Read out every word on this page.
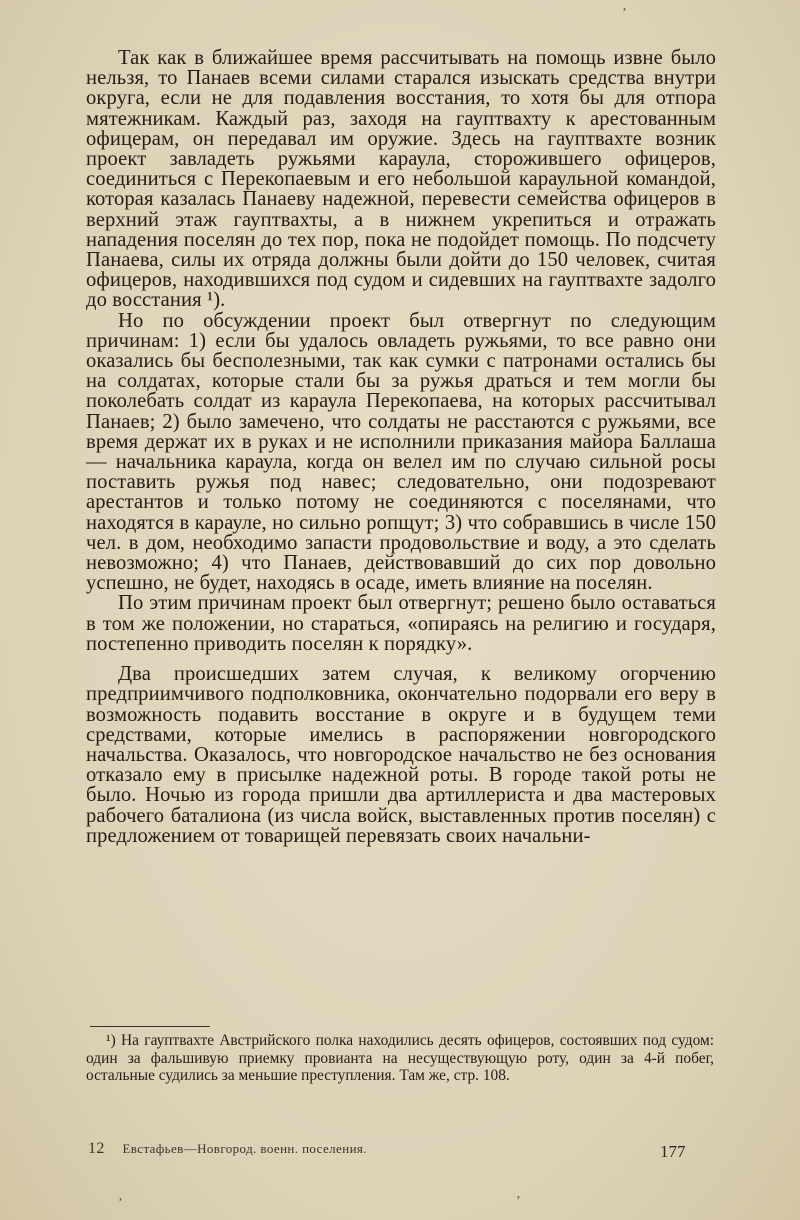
Так как в ближайшее время рассчитывать на помощь извне было нельзя, то Панаев всеми силами старался изыскать средства внутри округа, если не для подавления восстания, то хотя бы для отпора мятежникам. Каждый раз, заходя на гауптвахту к арестованным офицерам, он передавал им оружие. Здесь на гауптвахте возник проект завладеть ружьями караула, сторожившего офицеров, соединиться с Перекопаевым и его небольшой караульной командой, которая казалась Панаеву надежной, перевести семейства офицеров в верхний этаж гауптвахты, а в нижнем укрепиться и отражать нападения поселян до тех пор, пока не подойдет помощь. По подсчету Панаева, силы их отряда должны были дойти до 150 человек, считая офицеров, находившихся под судом и сидевших на гауптвахте задолго до восстания ¹).

Но по обсуждении проект был отвергнут по следующим причинам: 1) если бы удалось овладеть ружьями, то все равно они оказались бы бесполезными, так как сумки с патронами остались бы на солдатах, которые стали бы за ружья драться и тем могли бы поколебать солдат из караула Перекопаева, на которых рассчитывал Панаев; 2) было замечено, что солдаты не расстаются с ружьями, все время держат их в руках и не исполнили приказания майора Баллаша — начальника караула, когда он велел им по случаю сильной росы поставить ружья под навес; следовательно, они подозревают арестантов и только потому не соединяются с поселянами, что находятся в карауле, но сильно ропщут; 3) что собравшись в числе 150 чел. в дом, необходимо запасти продовольствие и воду, а это сделать невозможно; 4) что Панаев, действовавший до сих пор довольно успешно, не будет, находясь в осаде, иметь влияние на поселян.

По этим причинам проект был отвергнут; решено было оставаться в том же положении, но стараться, «опираясь на религию и государя, постепенно приводить поселян к порядку».

Два происшедших затем случая, к великому огорчению предприимчивого подполковника, окончательно подорвали его веру в возможность подавить восстание в округе и в будущем теми средствами, которые имелись в распоряжении новгородского начальства. Оказалось, что новгородское начальство не без основания отказало ему в присылке надежной роты. В городе такой роты не было. Ночью из города пришли два артиллериста и два мастеровых рабочего баталиона (из числа войск, выставленных против поселян) с предложением от товарищей перевязать своих начальни-

¹) На гауптвахте Австрийского полка находились десять офицеров, состоявших под судом: один за фальшивую приемку провианта на несуществующую роту, один за 4-й побег, остальные судились за меньшие преступления. Там же, стр. 108.

12 Евстафьев—Новгород. военн. поселения.	177
ʼ
ʼ	ʼ
